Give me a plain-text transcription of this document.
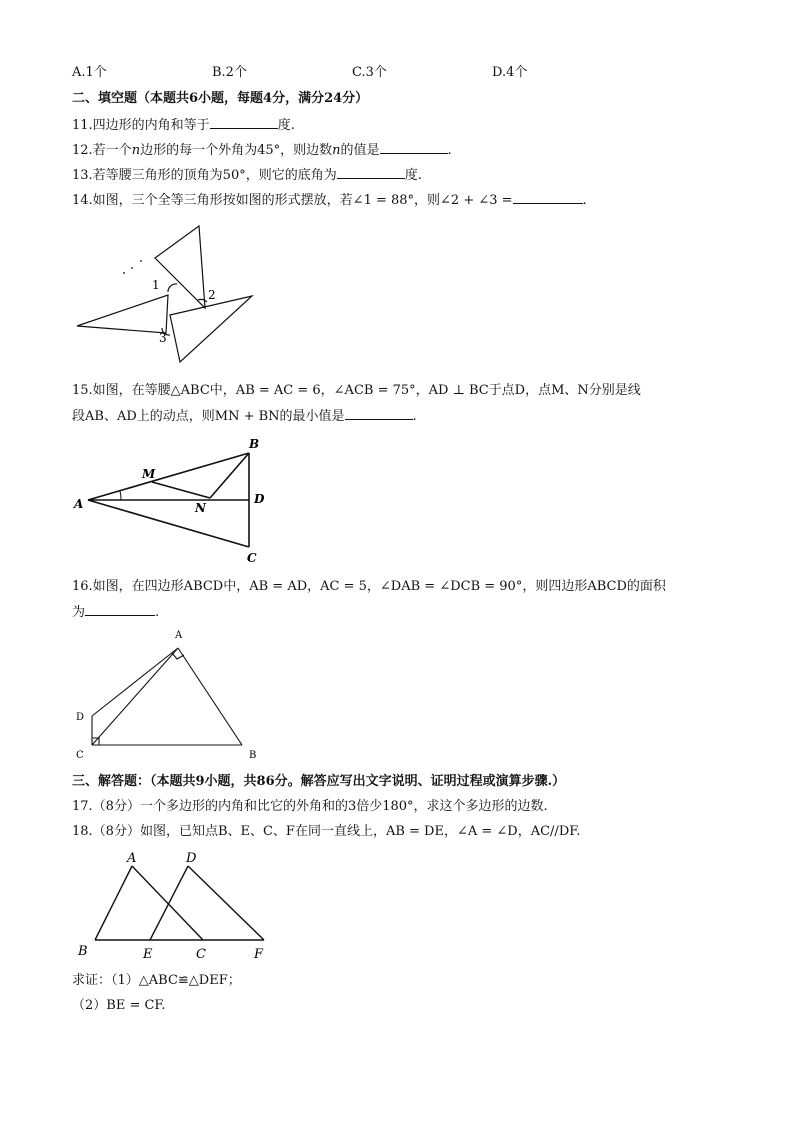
A.1个	B.2个	C.3个	D.4个
二、填空题（本题共6小题，每题4分，满分24分）
11.四边形的内角和等于	度.
12.若一个n边形的每一个外角为45°，则边数n的值是	.
13.若等腰三角形的顶角为50°，则它的底角为	度.
14.如图，三个全等三角形按如图的形式摆放，若∠1 = 88°，则∠2 + ∠3 =	.
1
2
3
15.如图，在等腰△ABC中，AB = AC = 6，∠ACB = 75°，AD ⊥ BC于点D，点M、N分别是线
段AB、AD上的动点，则MN + BN的最小值是	.
A
B
C
D
M
N
16.如图，在四边形ABCD中，AB = AD，AC = 5，∠DAB = ∠DCB = 90°，则四边形ABCD的面积
为	.
A
B
C
D
三、解答题：（本题共9小题，共86分。解答应写出文字说明、证明过程或演算步骤.）
17.（8分）一个多边形的内角和比它的外角和的3倍少180°，求这个多边形的边数.
18.（8分）如图，已知点B、E、C、F在同一直线上，AB = DE，∠A = ∠D，AC//DF.
A	D
B	E	C	F
求证：（1）△ABC≌△DEF；
（2）BE = CF.
